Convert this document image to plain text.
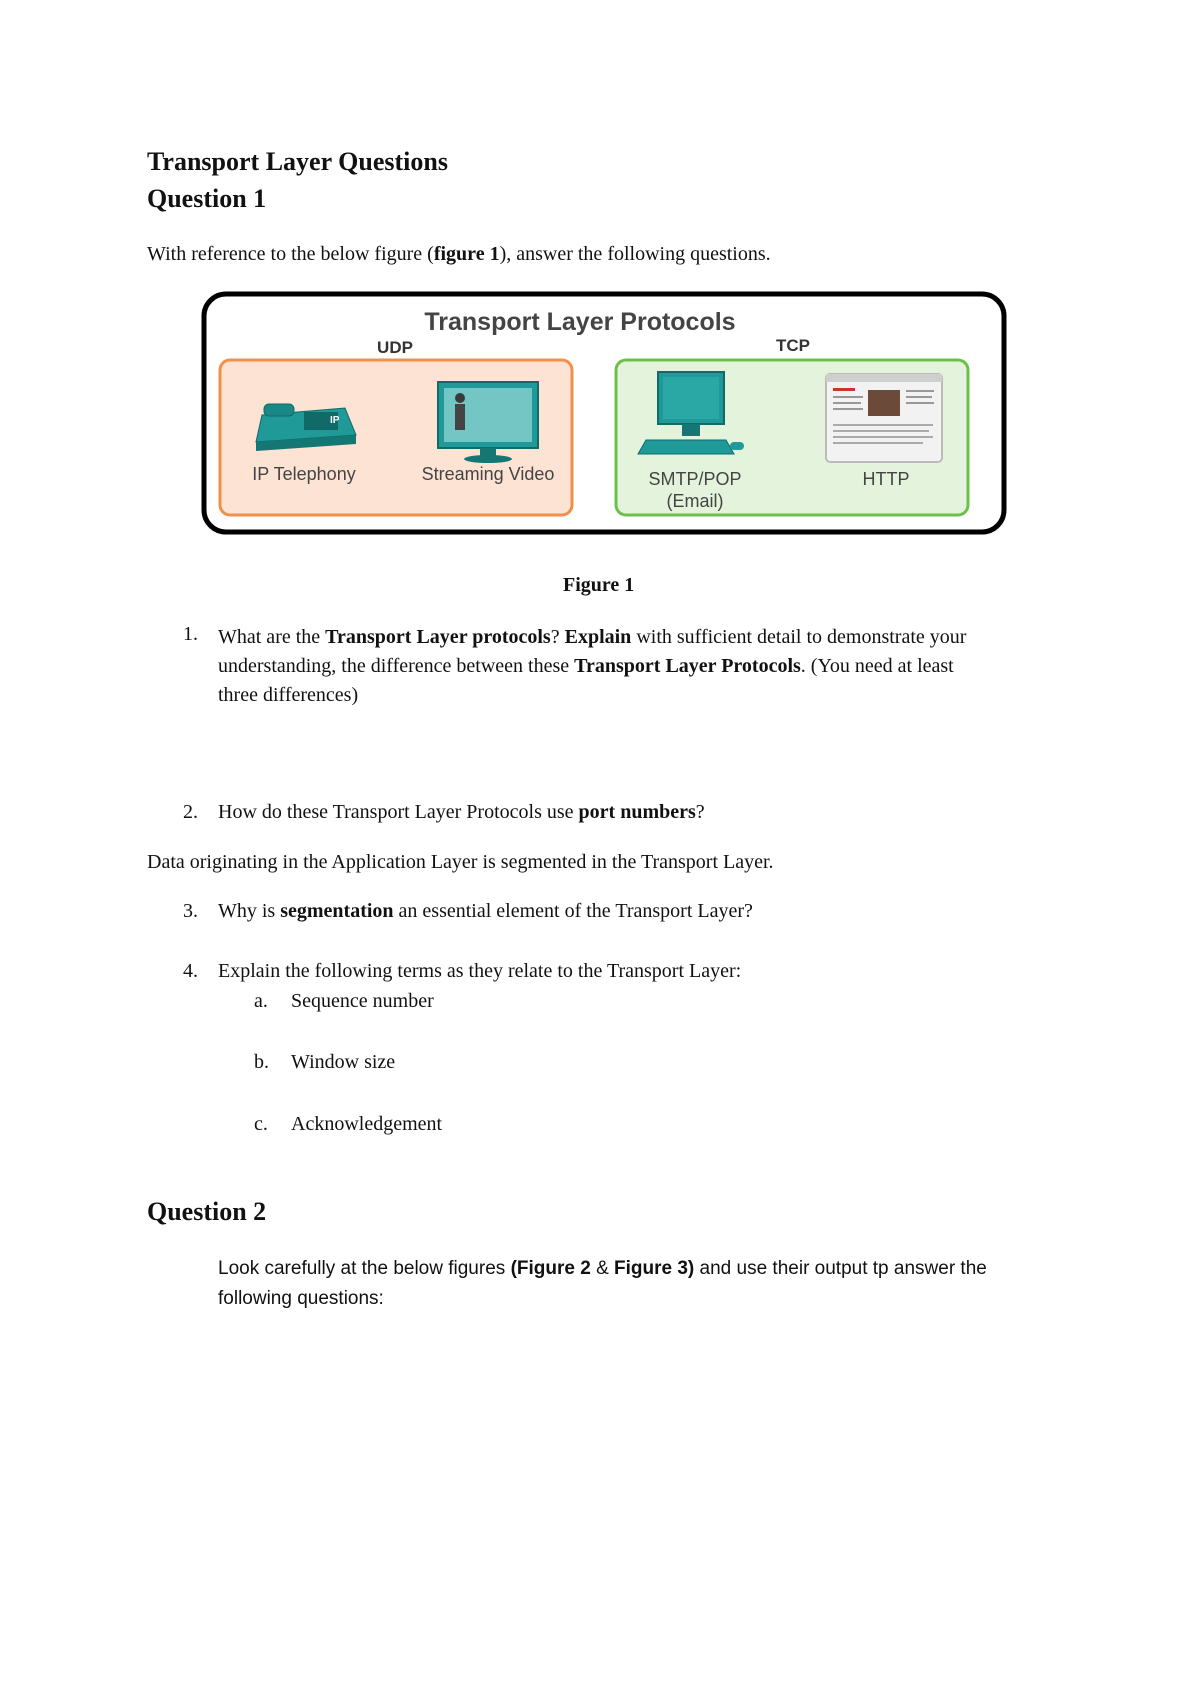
Transport Layer Questions
Question 1
With reference to the below figure (figure 1), answer the following questions.
Transport Layer Protocols
UDP	TCP
IP
IP Telephony	Streaming Video	SMTP/POP
(Email)
HTTP
Figure 1
1. What are the Transport Layer protocols? Explain with sufficient detail to demonstrate your
understanding, the difference between these Transport Layer Protocols. (You need at least
three differences)
2. How do these Transport Layer Protocols use port numbers?
Data originating in the Application Layer is segmented in the Transport Layer.
3. Why is segmentation an essential element of the Transport Layer?
4. Explain the following terms as they relate to the Transport Layer:
a. Sequence number
b. Window size
c. Acknowledgement
Question 2
Look carefully at the below figures (Figure 2 & Figure 3) and use their output tp answer the
following questions:
